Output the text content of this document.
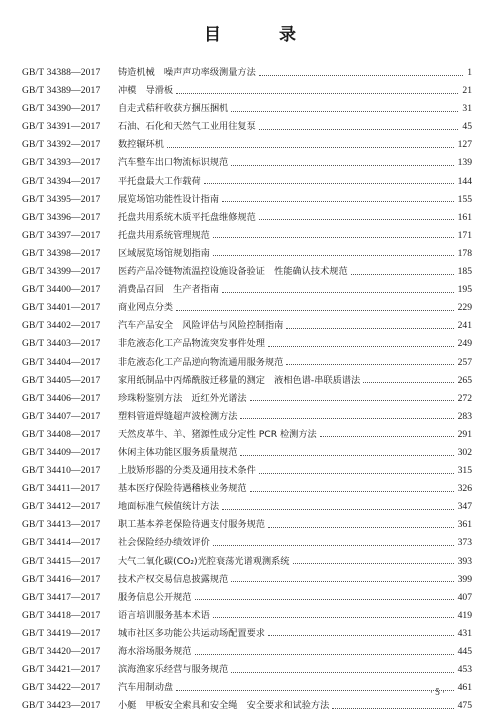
目 录
GB/T 34388—2017	铸造机械　噪声声功率级测量方法	1
GB/T 34389—2017	冲模　导滑板	21
GB/T 34390—2017	自走式秸秆收获方捆压捆机	31
GB/T 34391—2017	石油、石化和天然气工业用往复泵	45
GB/T 34392—2017	数控辗环机	127
GB/T 34393—2017	汽车整车出口物流标识规范	139
GB/T 34394—2017	平托盘最大工作载荷	144
GB/T 34395—2017	展览场馆功能性设计指南	155
GB/T 34396—2017	托盘共用系统木质平托盘维修规范	161
GB/T 34397—2017	托盘共用系统管理规范	171
GB/T 34398—2017	区域展览场馆规划指南	178
GB/T 34399—2017	医药产品冷链物流温控设施设备验证　性能确认技术规范	185
GB/T 34400—2017	消费品召回　生产者指南	195
GB/T 34401—2017	商业网点分类	229
GB/T 34402—2017	汽车产品安全　风险评估与风险控制指南	241
GB/T 34403—2017	非危液态化工产品物流突发事件处理	249
GB/T 34404—2017	非危液态化工产品逆向物流通用服务规范	257
GB/T 34405—2017	家用纸制品中丙烯酰胺迁移量的测定　液相色谱-串联质谱法	265
GB/T 34406—2017	珍珠粉鉴别方法　近红外光谱法	272
GB/T 34407—2017	塑料管道焊缝超声波检测方法	283
GB/T 34408—2017	天然皮革牛、羊、猪源性成分定性 PCR 检测方法	291
GB/T 34409—2017	休闲主体功能区服务质量规范	302
GB/T 34410—2017	上肢矫形器的分类及通用技术条件	315
GB/T 34411—2017	基本医疗保险待遇稽核业务规范	326
GB/T 34412—2017	地面标准气候值统计方法	347
GB/T 34413—2017	职工基本养老保险待遇支付服务规范	361
GB/T 34414—2017	社会保险经办绩效评价	373
GB/T 34415—2017	大气二氧化碳(CO₂)光腔衰荡光谱观测系统	393
GB/T 34416—2017	技术产权交易信息披露规范	399
GB/T 34417—2017	服务信息公开规范	407
GB/T 34418—2017	语言培训服务基本术语	419
GB/T 34419—2017	城市社区多功能公共运动场配置要求	431
GB/T 34420—2017	海水浴场服务规范	445
GB/T 34421—2017	滨海渔家乐经营与服务规范	453
GB/T 34422—2017	汽车用制动盘	461
GB/T 34423—2017	小艇　甲板安全索具和安全绳　安全要求和试验方法	475
· 5 ·
